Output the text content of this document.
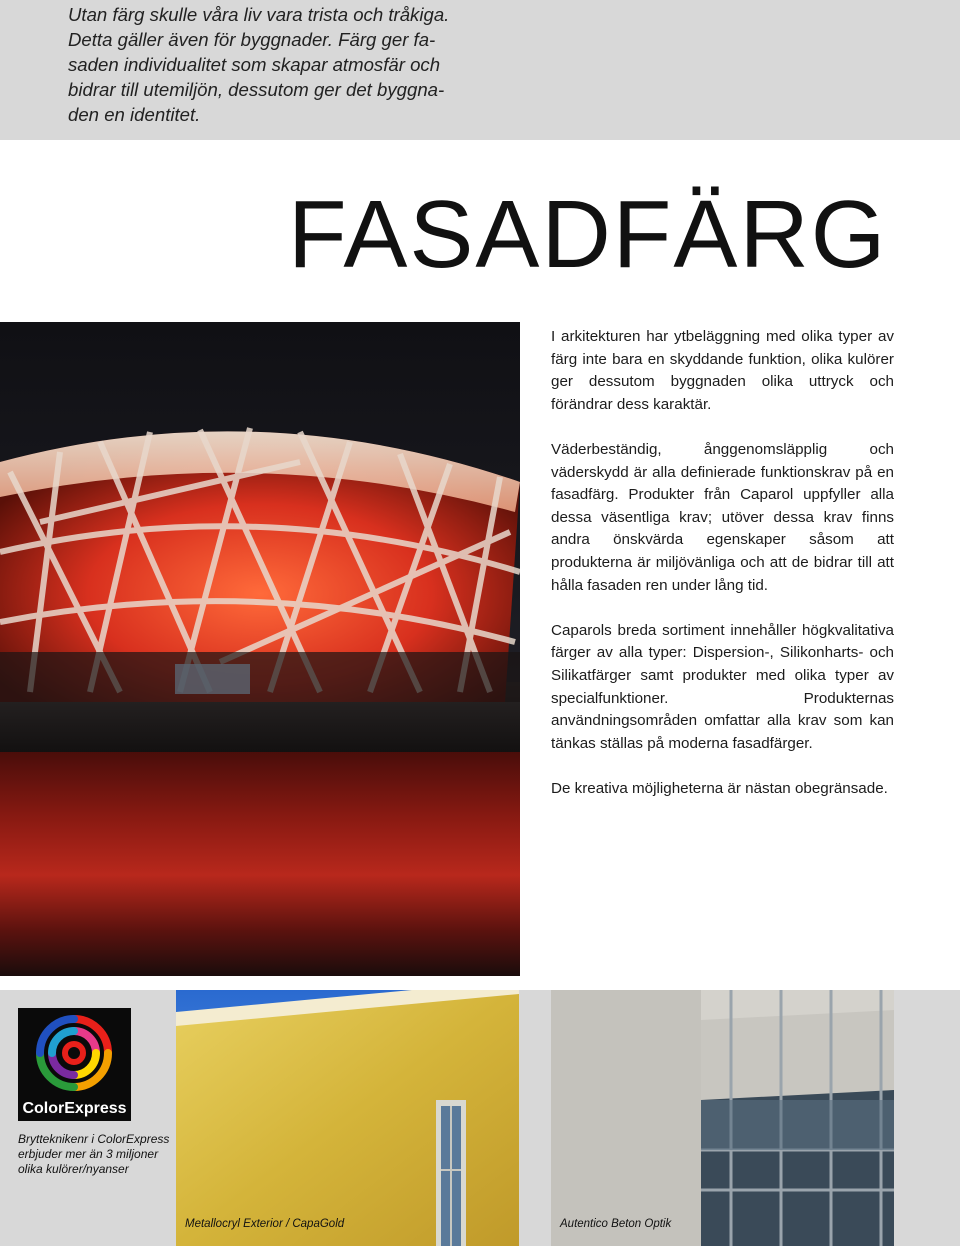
Utan färg skulle våra liv vara trista och tråkiga.
Detta gäller även för byggnader. Färg ger fa-
saden individualitet som skapar atmosfär och
bidrar till utemiljön, dessutom ger det byggna-
den en identitet.
FASADFÄRG

I arkitekturen har ytbeläggning med olika typer av färg inte bara en skyddande funktion, olika kulörer ger dessutom byggnaden olika uttryck och förändrar dess karaktär.

Väderbeständig, ånggenomsläpplig och väderskydd är alla definierade funktionskrav på en fasadfärg. Produkter från Caparol uppfyller alla dessa väsentliga krav; utöver dessa krav finns andra önskvärda egenskaper såsom att produkterna är miljövänliga och att de bidrar till att hålla fasaden ren under lång tid.

Caparols breda sortiment innehåller högkvalitativa färger av alla typer: Dispersion-, Silikonharts- och Silikatfärger samt produkter med olika typer av specialfunktioner. Produkternas användningsområden omfattar alla krav som kan tänkas ställas på moderna fasadfärger.

De kreativa möjligheterna är nästan obegränsade.

ColorExpress
Brytteknikenr i ColorExpress
erbjuder mer än 3 miljoner
olika kulörer/nyanser
Metallocryl Exterior / CapaGold	Autentico Beton Optik
